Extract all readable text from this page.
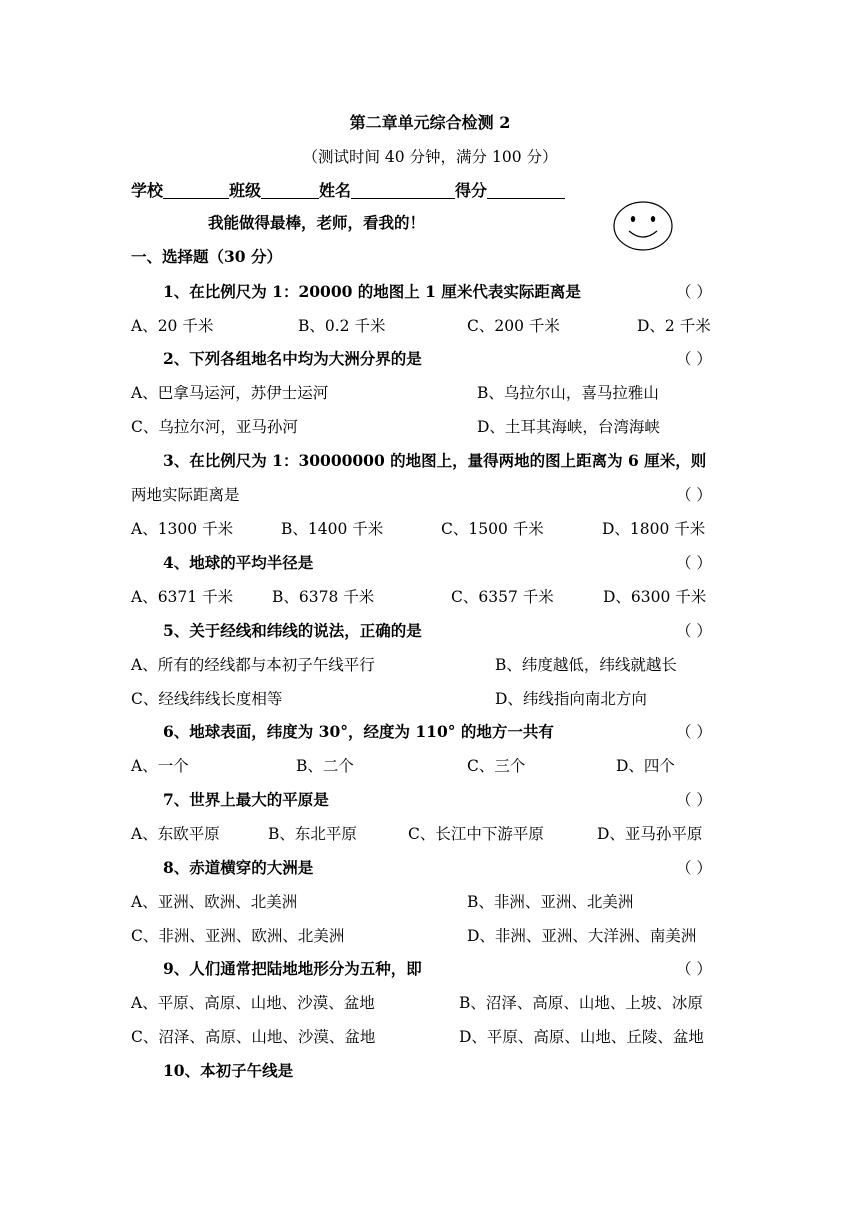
第二章单元综合检测 2
（测试时间 40 分钟，满分 100 分）
学校	班级	姓名	得分
我能做得最棒，老师，看我的！
一、选择题（30 分）
1、在比例尺为 1：20000 的地图上 1 厘米代表实际距离是	（ ）
A、20 千米	B、0.2 千米	C、200 千米	D、2 千米
2、下列各组地名中均为大洲分界的是	（ ）
A、巴拿马运河，苏伊士运河	B、乌拉尔山，喜马拉雅山
C、乌拉尔河，亚马孙河	D、土耳其海峡，台湾海峡
3、在比例尺为 1：30000000 的地图上，量得两地的图上距离为 6 厘米，则
两地实际距离是	（ ）
A、1300 千米	B、1400 千米	C、1500 千米	D、1800 千米
4、地球的平均半径是	（ ）
A、6371 千米	B、6378 千米	C、6357 千米	D、6300 千米
5、关于经线和纬线的说法，正确的是	（ ）
A、所有的经线都与本初子午线平行	B、纬度越低，纬线就越长
C、经线纬线长度相等	D、纬线指向南北方向
6、地球表面，纬度为 30°，经度为 110° 的地方一共有	（ ）
A、一个	B、二个	C、三个	D、四个
7、世界上最大的平原是	（ ）
A、东欧平原	B、东北平原	C、长江中下游平原	D、亚马孙平原
8、赤道横穿的大洲是	（ ）
A、亚洲、欧洲、北美洲	B、非洲、亚洲、北美洲
C、非洲、亚洲、欧洲、北美洲	D、非洲、亚洲、大洋洲、南美洲
9、人们通常把陆地地形分为五种，即	（ ）
A、平原、高原、山地、沙漠、盆地	B、沼泽、高原、山地、上坡、冰原
C、沼泽、高原、山地、沙漠、盆地	D、平原、高原、山地、丘陵、盆地
10、本初子午线是
